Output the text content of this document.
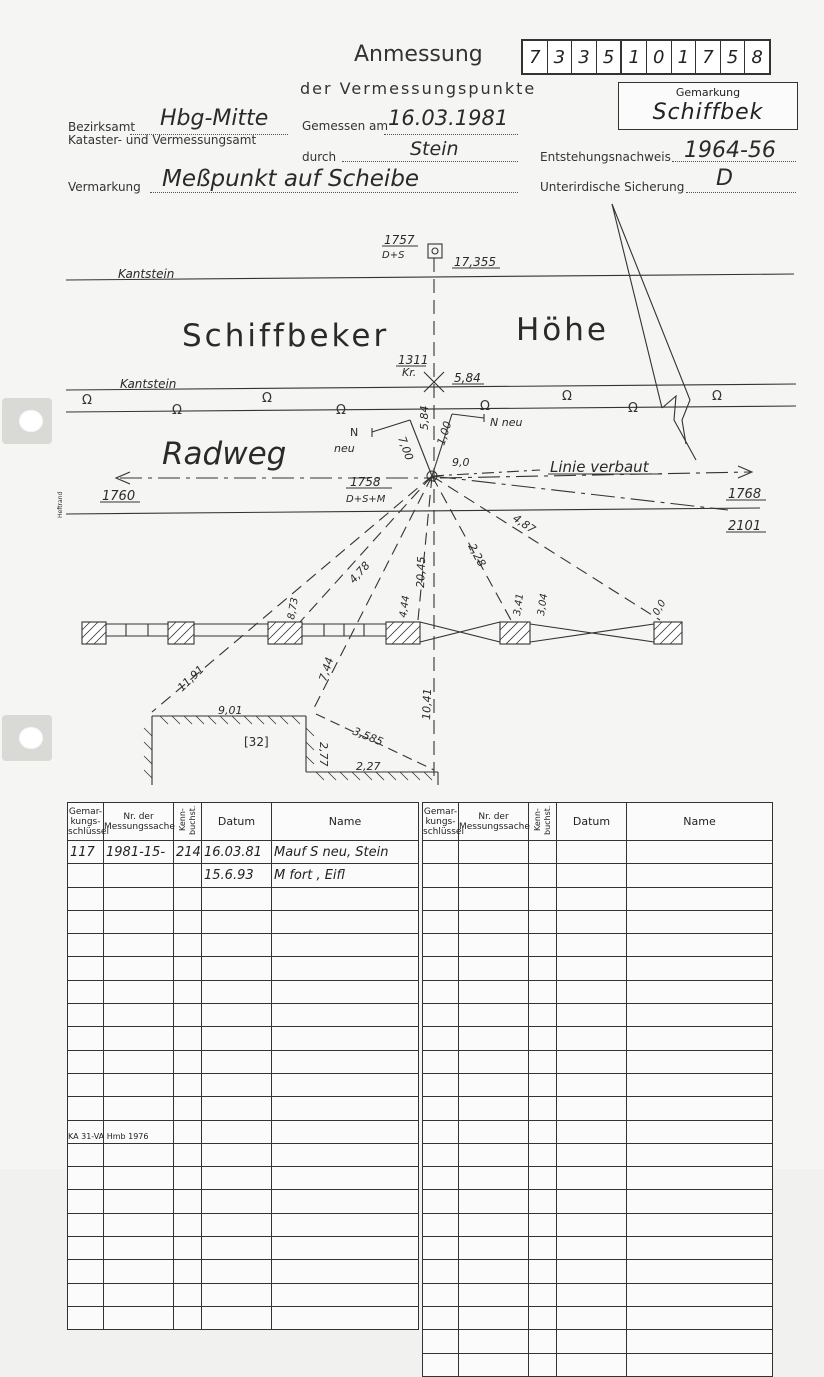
Anmessung
der Vermessungspunkte
7 3 3 5 1 0 1 7 5 8
Gemarkung
Schiffbek
Bezirksamt Hbg-Mitte
Kataster- und Vermessungsamt
Gemessen am 16.03.1981
durch	Stein	Entstehungsnachweis 1964-56
Vermarkung Meßpunkt auf Scheibe	Unterirdische Sicherung D
Ω
Ω
Ω
Ω	Ω
Ω
Ω
Ω
Kantstein
Kantstein
Schiffbeker	Höhe
Radweg	Linie verbaut
Heftrand
1757
D+S	17,355
1311
Kr.	5,84
5,84
1,00
7,00
N
neu
N neu
9,0
1758
D+S+M
1760	1768
2101
4,87
2,28
20,45
4,78
8,73	4,44	3,41 3,04	0,0
11,91	7,44
10,41
9,01
[32]	3,585
2,77 2,27
Gemar-kungs-schlüssel	Nr. der Messungssache	Kenn-buchst.	Datum	Name
117	1981-15-	214	16.03.81	Mauf S neu, Stein
			15.6.93	M fort , Eifl

Gemar-kungs-schlüssel	Nr. der Messungssache	Kenn-buchst.	Datum	Name

KA 31-VA Hmb 1976
